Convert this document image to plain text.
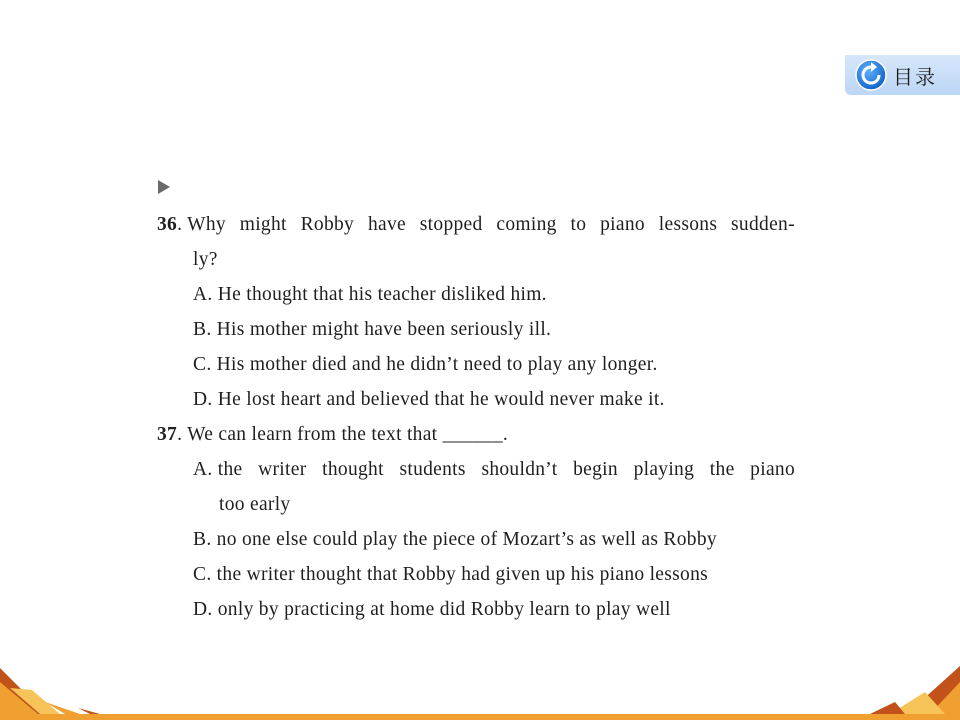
目录
36. Why might Robby have stopped coming to piano lessons sudden-
ly?
A. He thought that his teacher disliked him.
B. His mother might have been seriously ill.
C. His mother died and he didn’t need to play any longer.
D. He lost heart and believed that he would never make it.
37. We can learn from the text that ______.
A. the writer thought students shouldn’t begin playing the piano
too early
B. no one else could play the piece of Mozart’s as well as Robby
C. the writer thought that Robby had given up his piano lessons
D. only by practicing at home did Robby learn to play well
